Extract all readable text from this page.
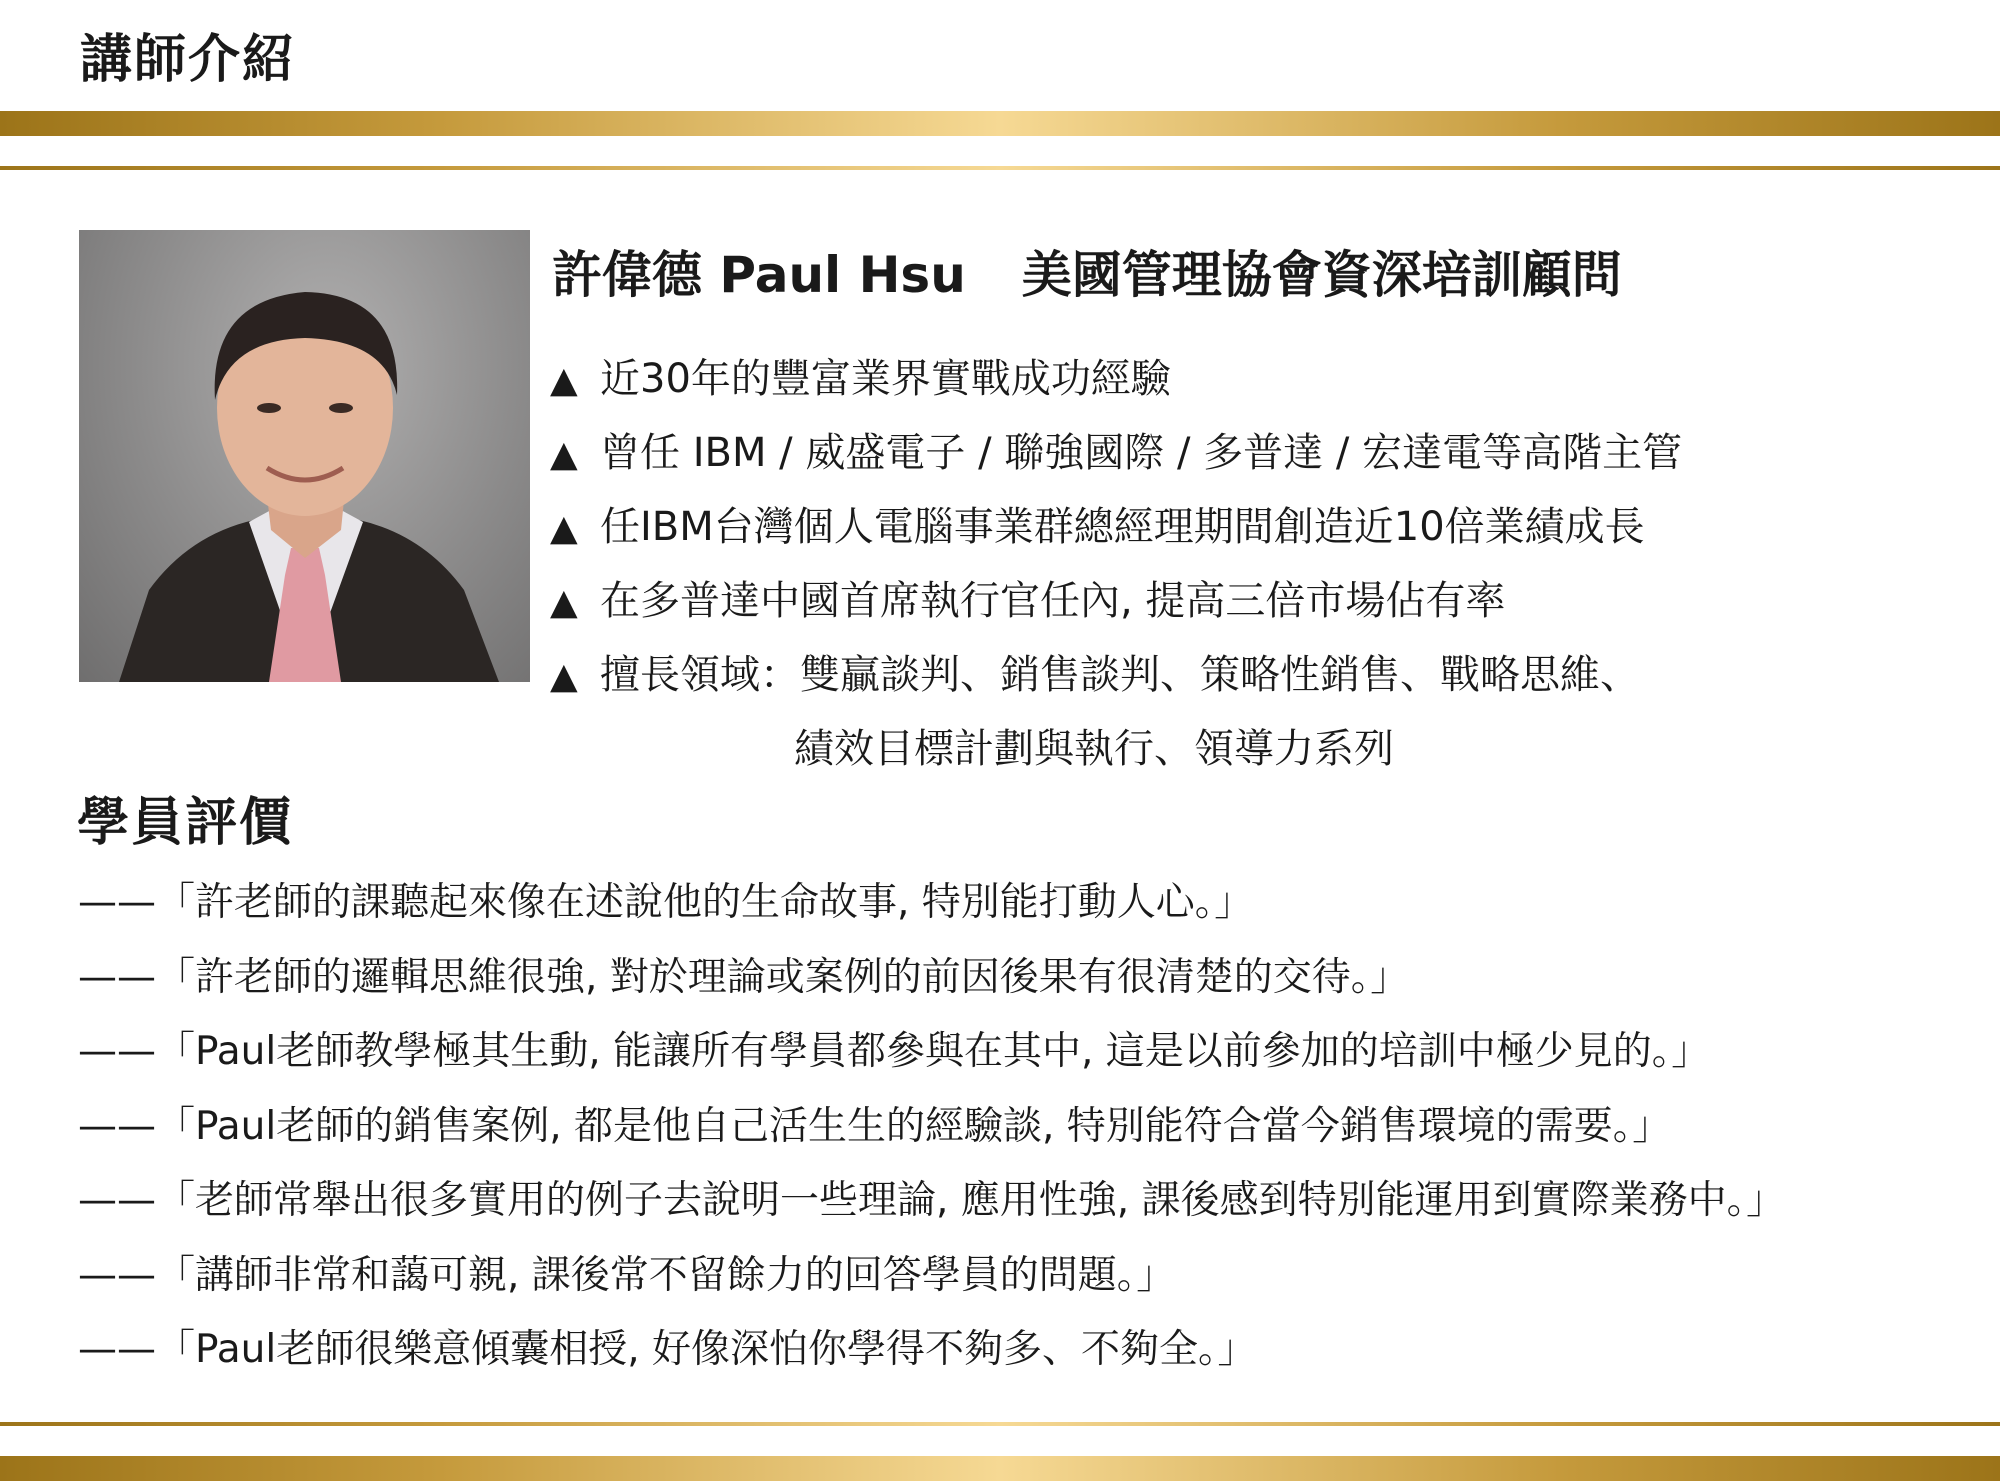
講師介紹
許偉德 Paul Hsu 美國管理協會資深培訓顧問
▲ 近30年的豐富業界實戰成功經驗
▲ 曾任 IBM / 威盛電子 / 聯強國際 / 多普達 / 宏達電等高階主管
▲ 任IBM台灣個人電腦事業群總經理期間創造近10倍業績成長
▲ 在多普達中國首席執行官任內, 提高三倍市場佔有率
▲ 擅長領域：雙贏談判、銷售談判、策略性銷售、戰略思維、
績效目標計劃與執行、領導力系列
學員評價
——「許老師的課聽起來像在述說他的生命故事, 特別能打動人心。」
——「許老師的邏輯思維很強, 對於理論或案例的前因後果有很清楚的交待。」
——「Paul老師教學極其生動, 能讓所有學員都參與在其中, 這是以前參加的培訓中極少見的。」
——「Paul老師的銷售案例, 都是他自己活生生的經驗談, 特別能符合當今銷售環境的需要。」
——「老師常舉出很多實用的例子去說明一些理論, 應用性強, 課後感到特別能運用到實際業務中。」
——「講師非常和藹可親, 課後常不留餘力的回答學員的問題。」
——「Paul老師很樂意傾囊相授, 好像深怕你學得不夠多、不夠全。」
